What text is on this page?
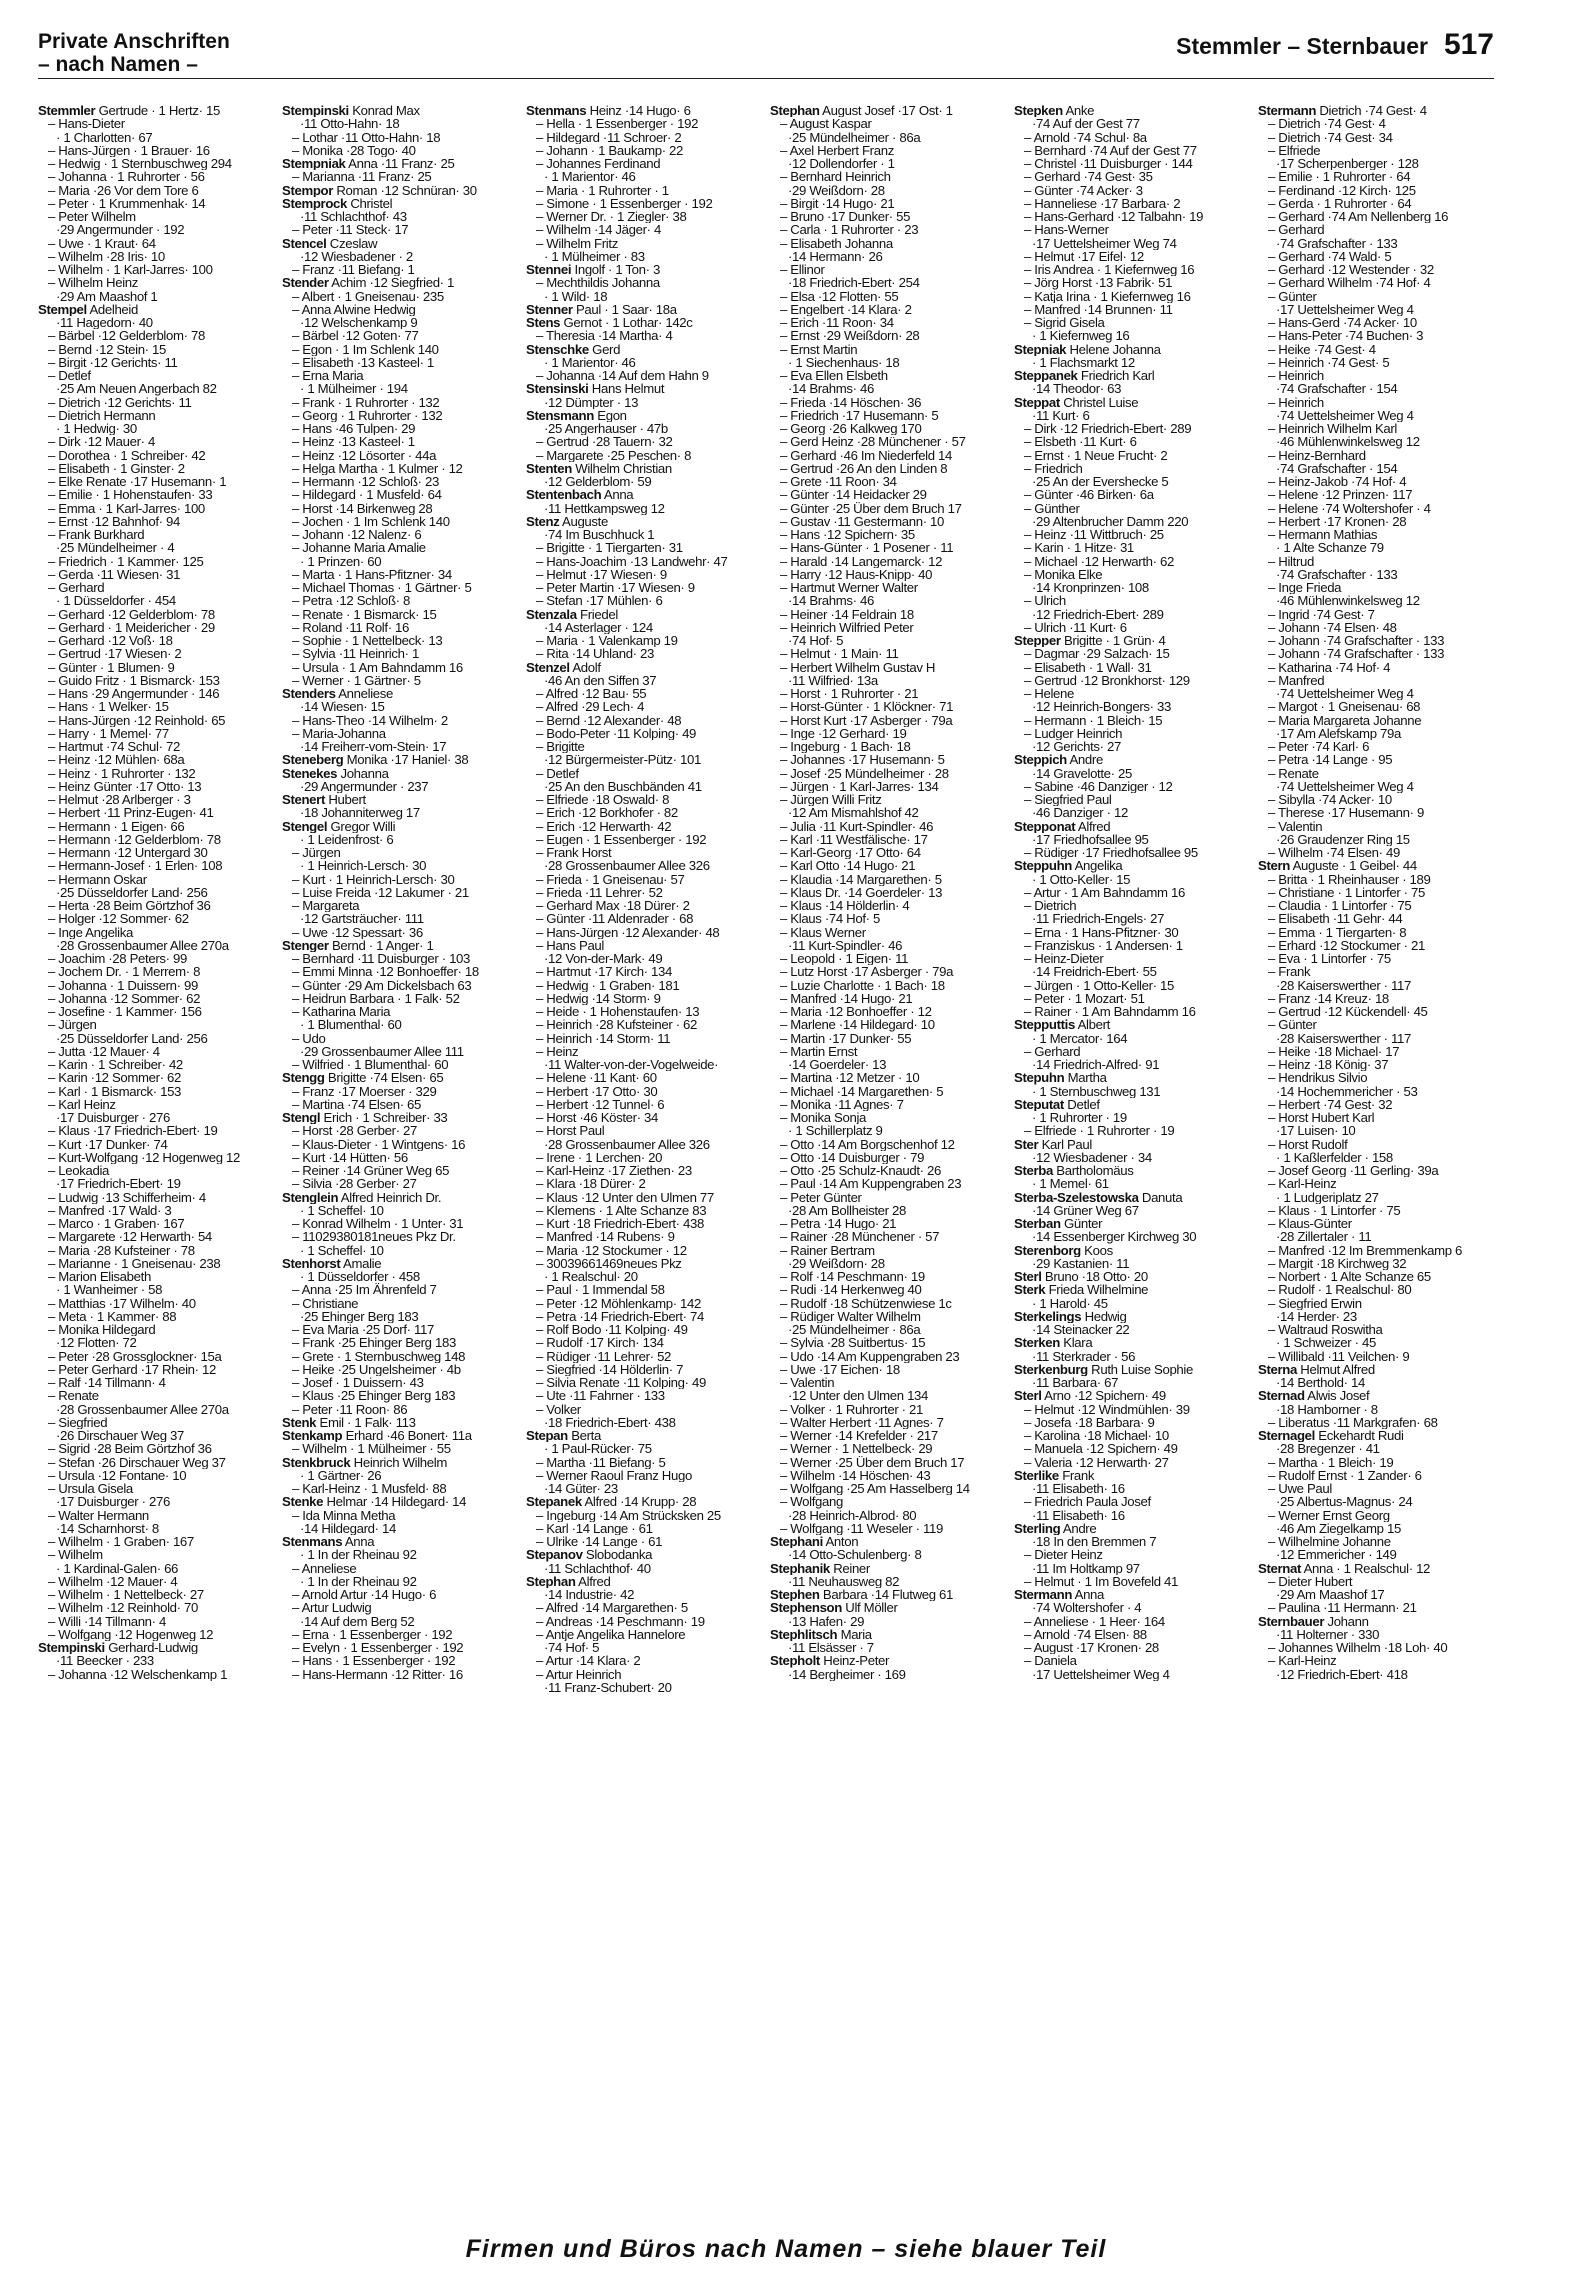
Private Anschriften
– nach Namen –
Stemmler – Sternbauer 517
Stemmler Gertrude · 1 Hertz· 15
– Hans-Dieter
· 1 Charlotten· 67
– Hans-Jürgen · 1 Brauer· 16
– Hedwig · 1 Sternbuschweg 294
– Johanna · 1 Ruhrorter · 56
– Maria ·26 Vor dem Tore 6
– Peter · 1 Krummenhak· 14
– Peter Wilhelm
·29 Angermunder · 192
– Uwe · 1 Kraut· 64
– Wilhelm ·28 Iris· 10
– Wilhelm · 1 Karl-Jarres· 100
– Wilhelm Heinz
·29 Am Maashof 1
Stempel Adelheid
·11 Hagedorn· 40
– Bärbel ·12 Gelderblom· 78
– Bernd ·12 Stein· 15
– Birgit ·12 Gerichts· 11
– Detlef
·25 Am Neuen Angerbach 82
– Dietrich ·12 Gerichts· 11
– Dietrich Hermann
· 1 Hedwig· 30
– Dirk ·12 Mauer· 4
– Dorothea · 1 Schreiber· 42
– Elisabeth · 1 Ginster· 2
– Elke Renate ·17 Husemann· 1
– Emilie · 1 Hohenstaufen· 33
– Emma · 1 Karl-Jarres· 100
– Ernst ·12 Bahnhof· 94
– Frank Burkhard
·25 Mündelheimer · 4
– Friedrich · 1 Kammer· 125
– Gerda ·11 Wiesen· 31
– Gerhard
· 1 Düsseldorfer · 454
– Gerhard ·12 Gelderblom· 78
– Gerhard · 1 Meidericher · 29
– Gerhard ·12 Voß· 18
– Gertrud ·17 Wiesen· 2
– Günter · 1 Blumen· 9
– Guido Fritz · 1 Bismarck· 153
– Hans ·29 Angermunder · 146
– Hans · 1 Welker· 15
– Hans-Jürgen ·12 Reinhold· 65
– Harry · 1 Memel· 77
– Hartmut ·74 Schul· 72
– Heinz ·12 Mühlen· 68a
– Heinz · 1 Ruhrorter · 132
– Heinz Günter ·17 Otto· 13
– Helmut ·28 Arlberger · 3
– Herbert ·11 Prinz-Eugen· 41
– Hermann · 1 Eigen· 66
– Hermann ·12 Gelderblom· 78
– Hermann ·12 Untergard 30
– Hermann-Josef · 1 Erlen· 108
– Hermann Oskar
·25 Düsseldorfer Land· 256
– Herta ·28 Beim Görtzhof 36
– Holger ·12 Sommer· 62
– Inge Angelika
·28 Grossenbaumer Allee 270a
– Joachim ·28 Peters· 99
– Jochem Dr. · 1 Merrem· 8
– Johanna · 1 Duissern· 99
– Johanna ·12 Sommer· 62
– Josefine · 1 Kammer· 156
– Jürgen
·25 Düsseldorfer Land· 256
– Jutta ·12 Mauer· 4
– Karin · 1 Schreiber· 42
– Karin ·12 Sommer· 62
– Karl · 1 Bismarck· 153
– Karl Heinz
·17 Duisburger · 276
– Klaus ·17 Friedrich-Ebert· 19
– Kurt ·17 Dunker· 74
– Kurt-Wolfgang ·12 Hogenweg 12
– Leokadia
·17 Friedrich-Ebert· 19
– Ludwig ·13 Schifferheim· 4
– Manfred ·17 Wald· 3
– Marco · 1 Graben· 167
– Margarete ·12 Herwarth· 54
– Maria ·28 Kufsteiner · 78
– Marianne · 1 Gneisenau· 238
– Marion Elisabeth
· 1 Wanheimer · 58
– Matthias ·17 Wilhelm· 40
– Meta · 1 Kammer· 88
– Monika Hildegard
·12 Flotten· 72
– Peter ·28 Grossglockner· 15a
– Peter Gerhard ·17 Rhein· 12
– Ralf ·14 Tillmann· 4
– Renate
·28 Grossenbaumer Allee 270a
– Siegfried
·26 Dirschauer Weg 37
– Sigrid ·28 Beim Görtzhof 36
– Stefan ·26 Dirschauer Weg 37
– Ursula ·12 Fontane· 10
– Ursula Gisela
·17 Duisburger · 276
– Walter Hermann
·14 Scharnhorst· 8
– Wilhelm · 1 Graben· 167
– Wilhelm
· 1 Kardinal-Galen· 66
– Wilhelm ·12 Mauer· 4
– Wilhelm · 1 Nettelbeck· 27
– Wilhelm ·12 Reinhold· 70
– Willi ·14 Tillmann· 4
– Wolfgang ·12 Hogenweg 12
Stempinski Gerhard-Ludwig
·11 Beecker · 233
– Johanna ·12 Welschenkamp 1
Stempinski Konrad Max
·11 Otto-Hahn· 18
– Lothar ·11 Otto-Hahn· 18
– Monika ·28 Togo· 40
Stempniak Anna ·11 Franz· 25
– Marianna ·11 Franz· 25
Stempor Roman ·12 Schnüran· 30
Stemprock Christel
·11 Schlachthof· 43
– Peter ·11 Steck· 17
Stencel Czeslaw
·12 Wiesbadener · 2
– Franz ·11 Biefang· 1
Stender Achim ·12 Siegfried· 1
– Albert · 1 Gneisenau· 235
– Anna Alwine Hedwig
·12 Welschenkamp 9
– Bärbel ·12 Goten· 77
– Egon · 1 Im Schlenk 140
– Elisabeth ·13 Kasteel· 1
– Erna Maria
· 1 Mülheimer · 194
– Frank · 1 Ruhrorter · 132
– Georg · 1 Ruhrorter · 132
– Hans ·46 Tulpen· 29
– Heinz ·13 Kasteel· 1
– Heinz ·12 Lösorter · 44a
– Helga Martha · 1 Kulmer · 12
– Hermann ·12 Schloß· 23
– Hildegard · 1 Musfeld· 64
– Horst ·14 Birkenweg 28
– Jochen · 1 Im Schlenk 140
– Johann ·12 Nalenz· 6
– Johanne Maria Amalie
· 1 Prinzen· 60
– Marta · 1 Hans-Pfitzner· 34
– Michael Thomas · 1 Gärtner· 5
– Petra ·12 Schloß· 8
– Renate · 1 Bismarck· 15
– Roland ·11 Rolf· 16
– Sophie · 1 Nettelbeck· 13
– Sylvia ·11 Heinrich· 1
– Ursula · 1 Am Bahndamm 16
– Werner · 1 Gärtner· 5
Stenders Anneliese
·14 Wiesen· 15
– Hans-Theo ·14 Wilhelm· 2
– Maria-Johanna
·14 Freiherr-vom-Stein· 17
Steneberg Monika ·17 Haniel· 38
Stenekes Johanna
·29 Angermunder · 237
Stenert Hubert
·18 Johanniterweg 17
Stengel Gregor Willi
· 1 Leidenfrost· 6
– Jürgen
· 1 Heinrich-Lersch· 30
– Kurt · 1 Heinrich-Lersch· 30
– Luise Freida ·12 Lakumer · 21
– Margareta
·12 Gartsträucher· 111
– Uwe ·12 Spessart· 36
Stenger Bernd · 1 Anger· 1
– Bernhard ·11 Duisburger · 103
– Emmi Minna ·12 Bonhoeffer· 18
– Günter ·29 Am Dickelsbach 63
– Heidrun Barbara · 1 Falk· 52
– Katharina Maria
· 1 Blumenthal· 60
– Udo
·29 Grossenbaumer Allee 111
– Wilfried · 1 Blumenthal· 60
Stengg Brigitte ·74 Elsen· 65
– Franz ·17 Moerser · 329
– Martina ·74 Elsen· 65
Stengl Erich · 1 Schreiber· 33
– Horst ·28 Gerber· 27
– Klaus-Dieter · 1 Wintgens· 16
– Kurt ·14 Hütten· 56
– Reiner ·14 Grüner Weg 65
– Silvia ·28 Gerber· 27
Stenglein Alfred Heinrich Dr.
· 1 Scheffel· 10
– Konrad Wilhelm · 1 Unter· 31
– 11029380181neues Pkz Dr.
· 1 Scheffel· 10
Stenhorst Amalie
· 1 Düsseldorfer · 458
– Anna ·25 Im Ährenfeld 7
– Christiane
·25 Ehinger Berg 183
– Eva Maria ·25 Dorf· 117
– Frank ·25 Ehinger Berg 183
– Grete · 1 Sternbuschweg 148
– Heike ·25 Ungelsheimer · 4b
– Josef · 1 Duissern· 43
– Klaus ·25 Ehinger Berg 183
– Peter ·11 Roon· 86
Stenk Emil · 1 Falk· 113
Stenkamp Erhard ·46 Bonert· 11a
– Wilhelm · 1 Mülheimer · 55
Stenkbruck Heinrich Wilhelm
· 1 Gärtner· 26
– Karl-Heinz · 1 Musfeld· 88
Stenke Helmar ·14 Hildegard· 14
– Ida Minna Metha
·14 Hildegard· 14
Stenmans Anna
· 1 In der Rheinau 92
– Anneliese
· 1 In der Rheinau 92
– Arnold Artur ·14 Hugo· 6
– Artur Ludwig
·14 Auf dem Berg 52
– Erna · 1 Essenberger · 192
– Evelyn · 1 Essenberger · 192
– Hans · 1 Essenberger · 192
– Hans-Hermann ·12 Ritter· 16
Stenmans Heinz ·14 Hugo· 6
– Hella · 1 Essenberger · 192
– Hildegard ·11 Schroer· 2
– Johann · 1 Baukamp· 22
– Johannes Ferdinand
· 1 Marientor· 46
– Maria · 1 Ruhrorter · 1
– Simone · 1 Essenberger · 192
– Werner Dr. · 1 Ziegler· 38
– Wilhelm ·14 Jäger· 4
– Wilhelm Fritz
· 1 Mülheimer · 83
Stennei Ingolf · 1 Ton· 3
– Mechthildis Johanna
· 1 Wild· 18
Stenner Paul · 1 Saar· 18a
Stens Gernot · 1 Lothar· 142c
– Theresia ·14 Martha· 4
Stenschke Gerd
· 1 Marientor· 46
– Johanna ·14 Auf dem Hahn 9
Stensinski Hans Helmut
·12 Dümpter · 13
Stensmann Egon
·25 Angerhauser · 47b
– Gertrud ·28 Tauern· 32
– Margarete ·25 Peschen· 8
Stenten Wilhelm Christian
·12 Gelderblom· 59
Stentenbach Anna
·11 Hettkampsweg 12
Stenz Auguste
·74 Im Buschhuck 1
– Brigitte · 1 Tiergarten· 31
– Hans-Joachim ·13 Landwehr· 47
– Helmut ·17 Wiesen· 9
– Peter Martin ·17 Wiesen· 9
– Stefan ·17 Mühlen· 6
Stenzala Friedel
·14 Asterlager · 124
– Maria · 1 Valenkamp 19
– Rita ·14 Uhland· 23
Stenzel Adolf
·46 An den Siffen 37
– Alfred ·12 Bau· 55
– Alfred ·29 Lech· 4
– Bernd ·12 Alexander· 48
– Bodo-Peter ·11 Kolping· 49
– Brigitte
·12 Bürgermeister-Pütz· 101
– Detlef
·25 An den Buschbänden 41
– Elfriede ·18 Oswald· 8
– Erich ·12 Borkhofer · 82
– Erich ·12 Herwarth· 42
– Eugen · 1 Essenberger · 192
– Frank Horst
·28 Grossenbaumer Allee 326
– Frieda · 1 Gneisenau· 57
– Frieda ·11 Lehrer· 52
– Gerhard Max ·18 Dürer· 2
– Günter ·11 Aldenrader · 68
– Hans-Jürgen ·12 Alexander· 48
– Hans Paul
·12 Von-der-Mark· 49
– Hartmut ·17 Kirch· 134
– Hedwig · 1 Graben· 181
– Hedwig ·14 Storm· 9
– Heide · 1 Hohenstaufen· 13
– Heinrich ·28 Kufsteiner · 62
– Heinrich ·14 Storm· 11
– Heinz
·11 Walter-von-der-Vogelweide·
– Helene ·11 Kant· 60
– Herbert ·17 Otto· 30
– Herbert ·12 Tunnel· 6
– Horst ·46 Köster· 34
– Horst Paul
·28 Grossenbaumer Allee 326
– Irene · 1 Lerchen· 20
– Karl-Heinz ·17 Ziethen· 23
– Klara ·18 Dürer· 2
– Klaus ·12 Unter den Ulmen 77
– Klemens · 1 Alte Schanze 83
– Kurt ·18 Friedrich-Ebert· 438
– Manfred ·14 Rubens· 9
– Maria ·12 Stockumer · 12
– 30039661469neues Pkz
· 1 Realschul· 20
– Paul · 1 Immendal 58
– Peter ·12 Möhlenkamp· 142
– Petra ·14 Friedrich-Ebert· 74
– Rolf Bodo ·11 Kolping· 49
– Rudolf ·17 Kirch· 134
– Rüdiger ·11 Lehrer· 52
– Siegfried ·14 Hölderlin· 7
– Silvia Renate ·11 Kolping· 49
– Ute ·11 Fahrner · 133
– Volker
·18 Friedrich-Ebert· 438
Stepan Berta
· 1 Paul-Rücker· 75
– Martha ·11 Biefang· 5
– Werner Raoul Franz Hugo
·14 Güter· 23
Stepanek Alfred ·14 Krupp· 28
– Ingeburg ·14 Am Strücksken 25
– Karl ·14 Lange · 61
– Ulrike ·14 Lange · 61
Stepanov Slobodanka
·11 Schlachthof· 40
Stephan Alfred
·14 Industrie· 42
– Alfred ·14 Margarethen· 5
– Andreas ·14 Peschmann· 19
– Antje Angelika Hannelore
·74 Hof· 5
– Artur ·14 Klara· 2
– Artur Heinrich
·11 Franz-Schubert· 20
Stephan August Josef ·17 Ost· 1
– August Kaspar
·25 Mündelheimer · 86a
– Axel Herbert Franz
·12 Dollendorfer · 1
– Bernhard Heinrich
·29 Weißdorn· 28
– Birgit ·14 Hugo· 21
– Bruno ·17 Dunker· 55
– Carla · 1 Ruhrorter · 23
– Elisabeth Johanna
·14 Hermann· 26
– Ellinor
·18 Friedrich-Ebert· 254
– Elsa ·12 Flotten· 55
– Engelbert ·14 Klara· 2
– Erich ·11 Roon· 34
– Ernst ·29 Weißdorn· 28
– Ernst Martin
· 1 Siechenhaus· 18
– Eva Ellen Elsbeth
·14 Brahms· 46
– Frieda ·14 Höschen· 36
– Friedrich ·17 Husemann· 5
– Georg ·26 Kalkweg 170
– Gerd Heinz ·28 Münchener · 57
– Gerhard ·46 Im Niederfeld 14
– Gertrud ·26 An den Linden 8
– Grete ·11 Roon· 34
– Günter ·14 Heidacker 29
– Günter ·25 Über dem Bruch 17
– Gustav ·11 Gestermann· 10
– Hans ·12 Spichern· 35
– Hans-Günter · 1 Posener · 11
– Harald ·14 Langemarck· 12
– Harry ·12 Haus-Knipp· 40
– Hartmut Werner Walter
·14 Brahms· 46
– Heiner ·14 Feldrain 18
– Heinrich Wilfried Peter
·74 Hof· 5
– Helmut · 1 Main· 11
– Herbert Wilhelm Gustav H
·11 Wilfried· 13a
– Horst · 1 Ruhrorter · 21
– Horst-Günter · 1 Klöckner· 71
– Horst Kurt ·17 Asberger · 79a
– Inge ·12 Gerhard· 19
– Ingeburg · 1 Bach· 18
– Johannes ·17 Husemann· 5
– Josef ·25 Mündelheimer · 28
– Jürgen · 1 Karl-Jarres· 134
– Jürgen Willi Fritz
·12 Am Mismahlshof 42
– Julia ·11 Kurt-Spindler· 46
– Karl ·11 Westfälische· 17
– Karl-Georg ·17 Otto· 64
– Karl Otto ·14 Hugo· 21
– Klaudia ·14 Margarethen· 5
– Klaus Dr. ·14 Goerdeler· 13
– Klaus ·14 Hölderlin· 4
– Klaus ·74 Hof· 5
– Klaus Werner
·11 Kurt-Spindler· 46
– Leopold · 1 Eigen· 11
– Lutz Horst ·17 Asberger · 79a
– Luzie Charlotte · 1 Bach· 18
– Manfred ·14 Hugo· 21
– Maria ·12 Bonhoeffer · 12
– Marlene ·14 Hildegard· 10
– Martin ·17 Dunker· 55
– Martin Ernst
·14 Goerdeler· 13
– Martina ·12 Metzer · 10
– Michael ·14 Margarethen· 5
– Monika ·11 Agnes· 7
– Monika Sonja
· 1 Schillerplatz 9
– Otto ·14 Am Borgschenhof 12
– Otto ·14 Duisburger · 79
– Otto ·25 Schulz-Knaudt· 26
– Paul ·14 Am Kuppengraben 23
– Peter Günter
·28 Am Bollheister 28
– Petra ·14 Hugo· 21
– Rainer ·28 Münchener · 57
– Rainer Bertram
·29 Weißdorn· 28
– Rolf ·14 Peschmann· 19
– Rudi ·14 Herkenweg 40
– Rudolf ·18 Schützenwiese 1c
– Rüdiger Walter Wilhelm
·25 Mündelheimer · 86a
– Sylvia ·28 Suitbertus· 15
– Udo ·14 Am Kuppengraben 23
– Uwe ·17 Eichen· 18
– Valentin
·12 Unter den Ulmen 134
– Volker · 1 Ruhrorter · 21
– Walter Herbert ·11 Agnes· 7
– Werner ·14 Krefelder · 217
– Werner · 1 Nettelbeck· 29
– Werner ·25 Über dem Bruch 17
– Wilhelm ·14 Höschen· 43
– Wolfgang ·25 Am Hasselberg 14
– Wolfgang
·28 Heinrich-Albrod· 80
– Wolfgang ·11 Weseler · 119
Stephani Anton
·14 Otto-Schulenberg· 8
Stephanik Reiner
·11 Neuhausweg 82
Stephen Barbara ·14 Flutweg 61
Stephenson Ulf Möller
·13 Hafen· 29
Stephlitsch Maria
·11 Elsässer · 7
Stepholt Heinz-Peter
·14 Bergheimer · 169
Stepken Anke
·74 Auf der Gest 77
– Arnold ·74 Schul· 8a
– Bernhard ·74 Auf der Gest 77
– Christel ·11 Duisburger · 144
– Gerhard ·74 Gest· 35
– Günter ·74 Acker· 3
– Hanneliese ·17 Barbara· 2
– Hans-Gerhard ·12 Talbahn· 19
– Hans-Werner
·17 Uettelsheimer Weg 74
– Helmut ·17 Eifel· 12
– Iris Andrea · 1 Kiefernweg 16
– Jörg Horst ·13 Fabrik· 51
– Katja Irina · 1 Kiefernweg 16
– Manfred ·14 Brunnen· 11
– Sigrid Gisela
· 1 Kiefernweg 16
Stepniak Helene Johanna
· 1 Flachsmarkt 12
Steppanek Friedrich Karl
·14 Theodor· 63
Steppat Christel Luise
·11 Kurt· 6
– Dirk ·12 Friedrich-Ebert· 289
– Elsbeth ·11 Kurt· 6
– Ernst · 1 Neue Frucht· 2
– Friedrich
·25 An der Evershecke 5
– Günter ·46 Birken· 6a
– Günther
·29 Altenbrucher Damm 220
– Heinz ·11 Wittbruch· 25
– Karin · 1 Hitze· 31
– Michael ·12 Herwarth· 62
– Monika Elke
·14 Kronprinzen· 108
– Ulrich
·12 Friedrich-Ebert· 289
– Ulrich ·11 Kurt· 6
Stepper Brigitte · 1 Grün· 4
– Dagmar ·29 Salzach· 15
– Elisabeth · 1 Wall· 31
– Gertrud ·12 Bronkhorst· 129
– Helene
·12 Heinrich-Bongers· 33
– Hermann · 1 Bleich· 15
– Ludger Heinrich
·12 Gerichts· 27
Steppich Andre
·14 Gravelotte· 25
– Sabine ·46 Danziger · 12
– Siegfried Paul
·46 Danziger · 12
Stepponat Alfred
·17 Friedhofsallee 95
– Rüdiger ·17 Friedhofsallee 95
Steppuhn Angelika
· 1 Otto-Keller· 15
– Artur · 1 Am Bahndamm 16
– Dietrich
·11 Friedrich-Engels· 27
– Erna · 1 Hans-Pfitzner· 30
– Franziskus · 1 Andersen· 1
– Heinz-Dieter
·14 Freidrich-Ebert· 55
– Jürgen · 1 Otto-Keller· 15
– Peter · 1 Mozart· 51
– Rainer · 1 Am Bahndamm 16
Stepputtis Albert
· 1 Mercator· 164
– Gerhard
·14 Friedrich-Alfred· 91
Stepuhn Martha
· 1 Sternbuschweg 131
Steputat Detlef
· 1 Ruhrorter · 19
– Elfriede · 1 Ruhrorter · 19
Ster Karl Paul
·12 Wiesbadener · 34
Sterba Bartholomäus
· 1 Memel· 61
Sterba-Szelestowska Danuta
·14 Grüner Weg 67
Sterban Günter
·14 Essenberger Kirchweg 30
Sterenborg Koos
·29 Kastanien· 11
Sterl Bruno ·18 Otto· 20
Sterk Frieda Wilhelmine
· 1 Harold· 45
Sterkelings Hedwig
·14 Steinacker 22
Sterken Klara
·11 Sterkrader · 56
Sterkenburg Ruth Luise Sophie
·11 Barbara· 67
Sterl Arno ·12 Spichern· 49
– Helmut ·12 Windmühlen· 39
– Josefa ·18 Barbara· 9
– Karolina ·18 Michael· 10
– Manuela ·12 Spichern· 49
– Valeria ·12 Herwarth· 27
Sterlike Frank
·11 Elisabeth· 16
– Friedrich Paula Josef
·11 Elisabeth· 16
Sterling Andre
·18 In den Bremmen 7
– Dieter Heinz
·11 Im Holtkamp 97
– Helmut · 1 Im Bovefeld 41
Stermann Anna
·74 Woltershofer · 4
– Anneliese · 1 Heer· 164
– Arnold ·74 Elsen· 88
– August ·17 Kronen· 28
– Daniela
·17 Uettelsheimer Weg 4
Stermann Dietrich ·74 Gest· 4
– Dietrich ·74 Gest· 4
– Dietrich ·74 Gest· 34
– Elfriede
·17 Scherpenberger · 128
– Emilie · 1 Ruhrorter · 64
– Ferdinand ·12 Kirch· 125
– Gerda · 1 Ruhrorter · 64
– Gerhard ·74 Am Nellenberg 16
– Gerhard
·74 Grafschafter · 133
– Gerhard ·74 Wald· 5
– Gerhard ·12 Westender · 32
– Gerhard Wilhelm ·74 Hof· 4
– Günter
·17 Uettelsheimer Weg 4
– Hans-Gerd ·74 Acker· 10
– Hans-Peter ·74 Buchen· 3
– Heike ·74 Gest· 4
– Heinrich ·74 Gest· 5
– Heinrich
·74 Grafschafter · 154
– Heinrich
·74 Uettelsheimer Weg 4
– Heinrich Wilhelm Karl
·46 Mühlenwinkelsweg 12
– Heinz-Bernhard
·74 Grafschafter · 154
– Heinz-Jakob ·74 Hof· 4
– Helene ·12 Prinzen· 117
– Helene ·74 Woltershofer · 4
– Herbert ·17 Kronen· 28
– Hermann Mathias
· 1 Alte Schanze 79
– Hiltrud
·74 Grafschafter · 133
– Inge Frieda
·46 Mühlenwinkelsweg 12
– Ingrid ·74 Gest· 7
– Johann ·74 Elsen· 48
– Johann ·74 Grafschafter · 133
– Johann ·74 Grafschafter · 133
– Katharina ·74 Hof· 4
– Manfred
·74 Uettelsheimer Weg 4
– Margot · 1 Gneisenau· 68
– Maria Margareta Johanne
·17 Am Alefskamp 79a
– Peter ·74 Karl· 6
– Petra ·14 Lange · 95
– Renate
·74 Uettelsheimer Weg 4
– Sibylla ·74 Acker· 10
– Therese ·17 Husemann· 9
– Valentin
·26 Graudenzer Ring 15
– Wilhelm ·74 Elsen· 49
Stern Auguste · 1 Geibel· 44
– Britta · 1 Rheinhauser · 189
– Christiane · 1 Lintorfer · 75
– Claudia · 1 Lintorfer · 75
– Elisabeth ·11 Gehr· 44
– Emma · 1 Tiergarten· 8
– Erhard ·12 Stockumer · 21
– Eva · 1 Lintorfer · 75
– Frank
·28 Kaiserswerther · 117
– Franz ·14 Kreuz· 18
– Gertrud ·12 Kückendell· 45
– Günter
·28 Kaiserswerther · 117
– Heike ·18 Michael· 17
– Heinz ·18 König· 37
– Hendrikus Silvio
·14 Hochemmericher · 53
– Herbert ·74 Gest· 32
– Horst Hubert Karl
·17 Luisen· 10
– Horst Rudolf
· 1 Kaßlerfelder · 158
– Josef Georg ·11 Gerling· 39a
– Karl-Heinz
· 1 Ludgeriplatz 27
– Klaus · 1 Lintorfer · 75
– Klaus-Günter
·28 Zillertaler · 11
– Manfred ·12 Im Bremmenkamp 6
– Margit ·18 Kirchweg 32
– Norbert · 1 Alte Schanze 65
– Rudolf · 1 Realschul· 80
– Siegfried Erwin
·14 Herder· 23
– Waltraud Roswitha
· 1 Schweizer · 45
– Willibald ·11 Veilchen· 9
Sterna Helmut Alfred
·14 Berthold· 14
Sternad Alwis Josef
·18 Hamborner · 8
– Liberatus ·11 Markgrafen· 68
Sternagel Eckehardt Rudi
·28 Bregenzer · 41
– Martha · 1 Bleich· 19
– Rudolf Ernst · 1 Zander· 6
– Uwe Paul
·25 Albertus-Magnus· 24
– Werner Ernst Georg
·46 Am Ziegelkamp 15
– Wilhelmine Johanne
·12 Emmericher · 149
Sternat Anna · 1 Realschul· 12
– Dieter Hubert
·29 Am Maashof 17
– Paulina ·11 Hermann· 21
Sternbauer Johann
·11 Holterner · 330
– Johannes Wilhelm ·18 Loh· 40
– Karl-Heinz
·12 Friedrich-Ebert· 418
Firmen und Büros nach Namen – siehe blauer Teil
